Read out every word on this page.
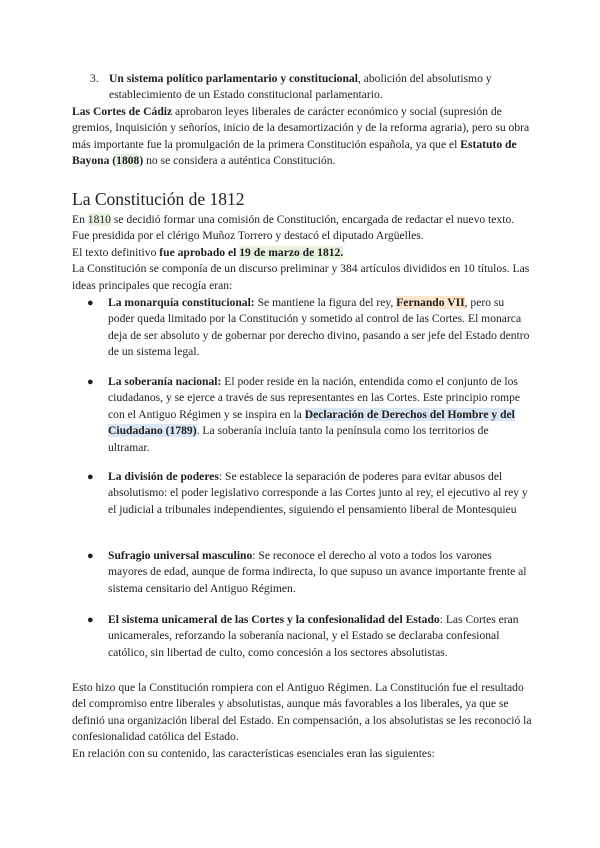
3. Un sistema político parlamentario y constitucional, abolición del absolutismo y establecimiento de un Estado constitucional parlamentario.

Las Cortes de Cádiz aprobaron leyes liberales de carácter económico y social (supresión de gremios, Inquisición y señoríos, inicio de la desamortización y de la reforma agraria), pero su obra más importante fue la promulgación de la primera Constitución española, ya que el Estatuto de Bayona (1808) no se considera a auténtica Constitución.

La Constitución de 1812

En 1810 se decidió formar una comisión de Constitución, encargada de redactar el nuevo texto. Fue presidida por el clérigo Muñoz Torrero y destacó el diputado Argüelles.

El texto definitivo fue aprobado el 19 de marzo de 1812.

La Constitución se componía de un discurso preliminar y 384 artículos divididos en 10 títulos. Las ideas principales que recogía eran:

● La monarquía constitucional: Se mantiene la figura del rey, Fernando VII, pero su poder queda limitado por la Constitución y sometido al control de las Cortes. El monarca deja de ser absoluto y de gobernar por derecho divino, pasando a ser jefe del Estado dentro de un sistema legal.

● La soberanía nacional: El poder reside en la nación, entendida como el conjunto de los ciudadanos, y se ejerce a través de sus representantes en las Cortes. Este principio rompe con el Antiguo Régimen y se inspira en la Declaración de Derechos del Hombre y del Ciudadano (1789). La soberanía incluía tanto la península como los territorios de ultramar.

● La división de poderes: Se establece la separación de poderes para evitar abusos del absolutismo: el poder legislativo corresponde a las Cortes junto al rey, el ejecutivo al rey y el judicial a tribunales independientes, siguiendo el pensamiento liberal de Montesquieu

● Sufragio universal masculino: Se reconoce el derecho al voto a todos los varones mayores de edad, aunque de forma indirecta, lo que supuso un avance importante frente al sistema censitario del Antiguo Régimen.

● El sistema unicameral de las Cortes y la confesionalidad del Estado: Las Cortes eran unicamerales, reforzando la soberanía nacional, y el Estado se declaraba confesional católico, sin libertad de culto, como concesión a los sectores absolutistas.

Esto hizo que la Constitución rompiera con el Antiguo Régimen. La Constitución fue el resultado del compromiso entre liberales y absolutistas, aunque más favorables a los liberales, ya que se definió una organización liberal del Estado. En compensación, a los absolutistas se les reconoció la confesionalidad católica del Estado.

En relación con su contenido, las características esenciales eran las siguientes:
